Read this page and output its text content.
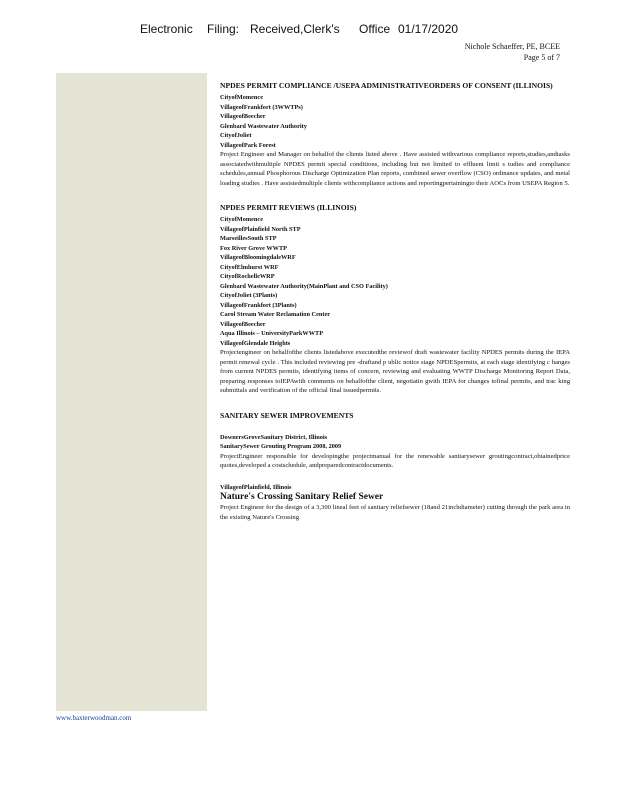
Electronic Filing: Received,Clerk's Office 01/17/2020
Nichole Schaeffer, PE, BCEE
Page 5 of 7
NPDES PERMIT COMPLIANCE /USEPA ADMINISTRATIVEORDERS OF CONSENT (ILLINOIS)
CityofMomence
VillageofFrankfort (3WWTPs)
VillageofBeecher
Glenbard Wastewater Authority
CityofJoliet
VillageofPark Forest

Project Engineer and Manager on behalfof the clients listed above . Have assisted withvarious compliance reports,studies,andtasks associatedwithmultiple NPDES permit special conditions, including but not limited to effluent limit s tudies and compliance schedules,annual Phosphorous Discharge Optimization Plan reports, combined sewer overflow (CSO) ordinance updates, and metal loading studies . Have assistedmultiple clients withcompliance actions and reportingpertainingto their AOCs from USEPA Region 5.

NPDES PERMIT REVIEWS (ILLINOIS)
CityofMomence
VillageofPlainfield North STP
MarseillesSouth STP
Fox River Grove WWTP
VillageofBloomingdaleWRF
CityofElmhurst WRF
CityofRochelleWRP
Glenbard Wastewater Authority(MainPlant and CSO Facility)
CityofJoliet (3Plants)
VillageofFrankfort (3Plants)
Carol Stream Water Reclamation Center
VillageofBeecher
Aqua Illinois – UniversityParkWWTP
VillageofGlendale Heights

Projectengineer on behalfofthe clients listedabove executedthe reviewof draft wastewater facility NPDES permits during the IEPA permit renewal cycle . This included reviewing pre -draftand p ublic notice stage NPDESpermits, at each stage identifying c hanges from current NPDES permits, identifying items of concern, reviewing and evaluating WWTP Discharge Monitoring Report Data, preparing responses toIEPAwith comments on behalfofthe client, negotiatin gwith IEPA for changes tofinal permits, and trac king submittals and verification of the official final issuedpermits.

SANITARY SEWER IMPROVEMENTS
DownersGroveSanitary District, Illinois
SanitarySewer Grouting Program 2008, 2009

ProjectEngineer responsible for developingthe projectmanual for the renewable sanitarysewer groutingcontract,obtainedprice quotes,developed a costschedule, andpreparedcontractdocuments.

VillageofPlainfield, Illinois
Nature's Crossing Sanitary Relief Sewer

Project Engineer for the design of a 3,300 lineal feet of sanitary reliefsewer (18and 21inchdiameter) cutting through the park area in the existing Nature's Crossing

www.baxterwoodman.com
